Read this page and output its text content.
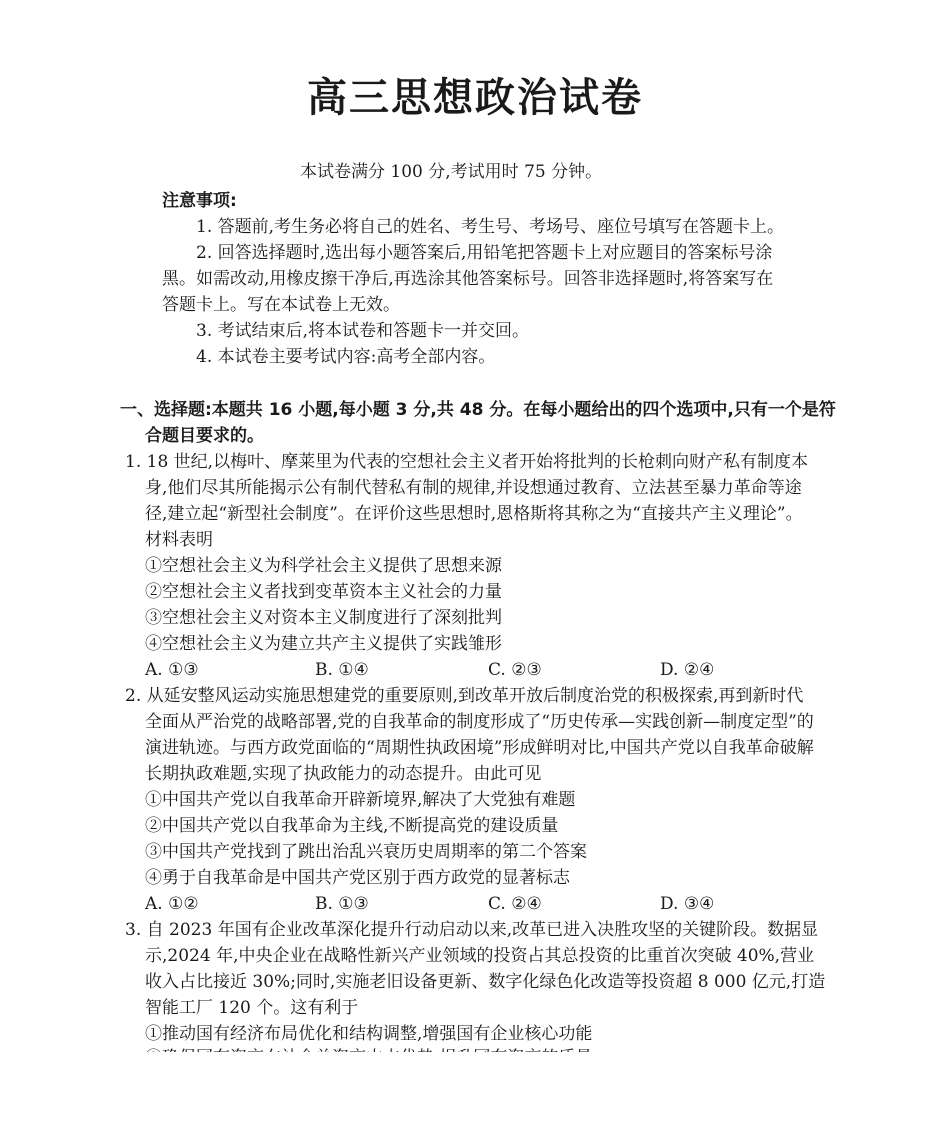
高三思想政治试卷
本试卷满分 100 分,考试用时 75 分钟。
注意事项:
1. 答题前,考生务必将自己的姓名、考生号、考场号、座位号填写在答题卡上。
2. 回答选择题时,选出每小题答案后,用铅笔把答题卡上对应题目的答案标号涂
黑。如需改动,用橡皮擦干净后,再选涂其他答案标号。回答非选择题时,将答案写在
答题卡上。写在本试卷上无效。
3. 考试结束后,将本试卷和答题卡一并交回。
4. 本试卷主要考试内容:高考全部内容。
一、选择题:本题共 16 小题,每小题 3 分,共 48 分。在每小题给出的四个选项中,只有一个是符
合题目要求的。
1. 18 世纪,以梅叶、摩莱里为代表的空想社会主义者开始将批判的长枪刺向财产私有制度本
身,他们尽其所能揭示公有制代替私有制的规律,并设想通过教育、立法甚至暴力革命等途
径,建立起“新型社会制度”。在评价这些思想时,恩格斯将其称之为“直接共产主义理论”。
材料表明
①空想社会主义为科学社会主义提供了思想来源
②空想社会主义者找到变革资本主义社会的力量
③空想社会主义对资本主义制度进行了深刻批判
④空想社会主义为建立共产主义提供了实践雏形
A. ①③	B. ①④	C. ②③	D. ②④
2. 从延安整风运动实施思想建党的重要原则,到改革开放后制度治党的积极探索,再到新时代
全面从严治党的战略部署,党的自我革命的制度形成了“历史传承—实践创新—制度定型”的
演进轨迹。与西方政党面临的“周期性执政困境”形成鲜明对比,中国共产党以自我革命破解
长期执政难题,实现了执政能力的动态提升。由此可见
①中国共产党以自我革命开辟新境界,解决了大党独有难题
②中国共产党以自我革命为主线,不断提高党的建设质量
③中国共产党找到了跳出治乱兴衰历史周期率的第二个答案
④勇于自我革命是中国共产党区别于西方政党的显著标志
A. ①②	B. ①③	C. ②④	D. ③④
3. 自 2023 年国有企业改革深化提升行动启动以来,改革已进入决胜攻坚的关键阶段。数据显
示,2024 年,中央企业在战略性新兴产业领域的投资占其总投资的比重首次突破 40%,营业
收入占比接近 30%;同时,实施老旧设备更新、数字化绿色化改造等投资超 8 000 亿元,打造
智能工厂 120 个。这有利于
①推动国有经济布局优化和结构调整,增强国有企业核心功能
